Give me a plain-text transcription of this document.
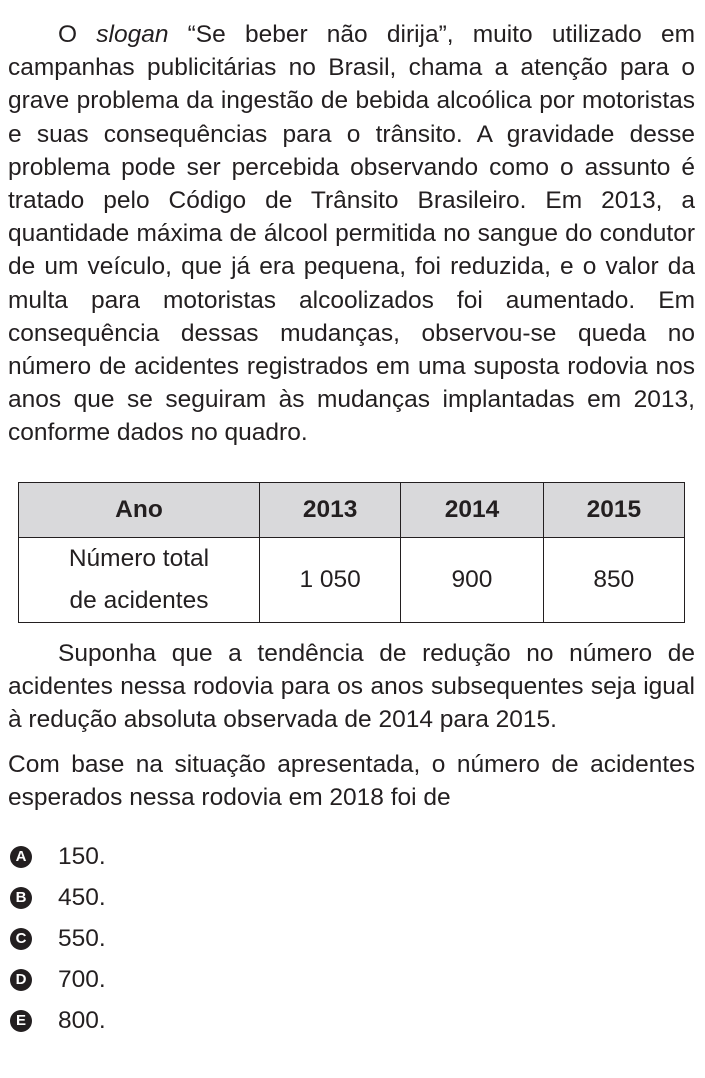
O slogan “Se beber não dirija”, muito utilizado em campanhas publicitárias no Brasil, chama a atenção para o grave problema da ingestão de bebida alcoólica por motoristas e suas consequências para o trânsito. A gravidade desse problema pode ser percebida observando como o assunto é tratado pelo Código de Trânsito Brasileiro. Em 2013, a quantidade máxima de álcool permitida no sangue do condutor de um veículo, que já era pequena, foi reduzida, e o valor da multa para motoristas alcoolizados foi aumentado. Em consequência dessas mudanças, observou-se queda no número de acidentes registrados em uma suposta rodovia nos anos que se seguiram às mudanças implantadas em 2013, conforme dados no quadro.

Ano	2013	2014	2015

Número total
de acidentes	1 050	900	850

Suponha que a tendência de redução no número de acidentes nessa rodovia para os anos subsequentes seja igual à redução absoluta observada de 2014 para 2015.

Com base na situação apresentada, o número de acidentes esperados nessa rodovia em 2018 foi de

A 150.
B 450.
C 550.
D 700.
E 800.
